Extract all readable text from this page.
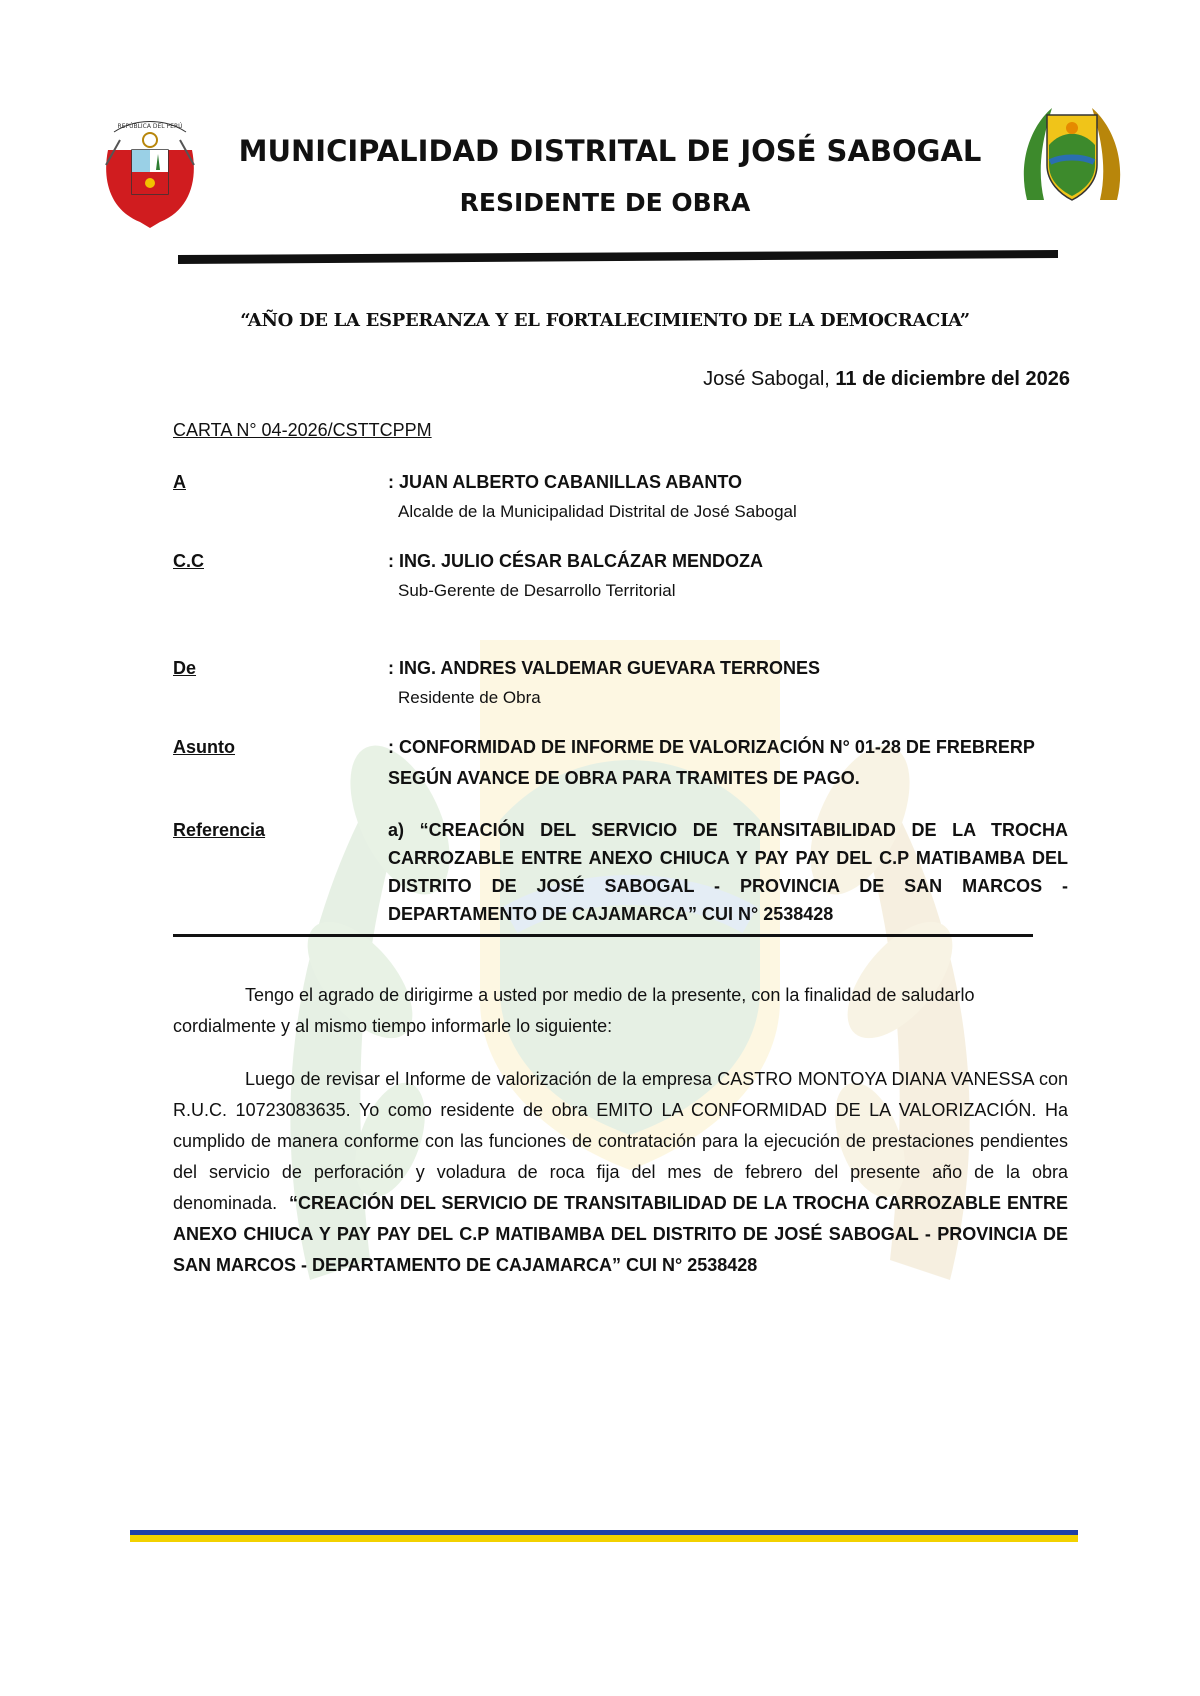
REPÚBLICA DEL PERÚ
MUNICIPALIDAD DISTRITAL DE JOSÉ SABOGAL
RESIDENTE DE OBRA
“AÑO DE LA ESPERANZA Y EL FORTALECIMIENTO DE LA DEMOCRACIA”
José Sabogal, 11 de diciembre del 2026
CARTA N° 04-2026/CSTTCPPM
A	: JUAN ALBERTO CABANILLAS ABANTO
Alcalde de la Municipalidad Distrital de José Sabogal
C.C	: ING. JULIO CÉSAR BALCÁZAR MENDOZA
Sub-Gerente de Desarrollo Territorial
De	: ING. ANDRES VALDEMAR GUEVARA TERRONES
Residente de Obra
Asunto	: CONFORMIDAD DE INFORME DE VALORIZACIÓN N° 01-28 DE FREBRERP
SEGÚN AVANCE DE OBRA PARA TRAMITES DE PAGO.
Referencia	a) “CREACIÓN DEL SERVICIO DE TRANSITABILIDAD DE LA TROCHA CARROZABLE ENTRE ANEXO CHIUCA Y PAY PAY DEL C.P MATIBAMBA DEL DISTRITO DE JOSÉ SABOGAL - PROVINCIA DE SAN MARCOS - DEPARTAMENTO DE CAJAMARCA” CUI N° 2538428
Tengo el agrado de dirigirme a usted por medio de la presente, con la finalidad de saludarlo cordialmente y al mismo tiempo informarle lo siguiente:
Luego de revisar el Informe de valorización de la empresa CASTRO MONTOYA DIANA VANESSA con R.U.C. 10723083635. Yo como residente de obra EMITO LA CONFORMIDAD DE LA VALORIZACIÓN. Ha cumplido de manera conforme con las funciones de contratación para la ejecución de prestaciones pendientes del servicio de perforación y voladura de roca fija del mes de febrero del presente año de la obra denominada. “CREACIÓN DEL SERVICIO DE TRANSITABILIDAD DE LA TROCHA CARROZABLE ENTRE ANEXO CHIUCA Y PAY PAY DEL C.P MATIBAMBA DEL DISTRITO DE JOSÉ SABOGAL - PROVINCIA DE SAN MARCOS - DEPARTAMENTO DE CAJAMARCA” CUI N° 2538428
